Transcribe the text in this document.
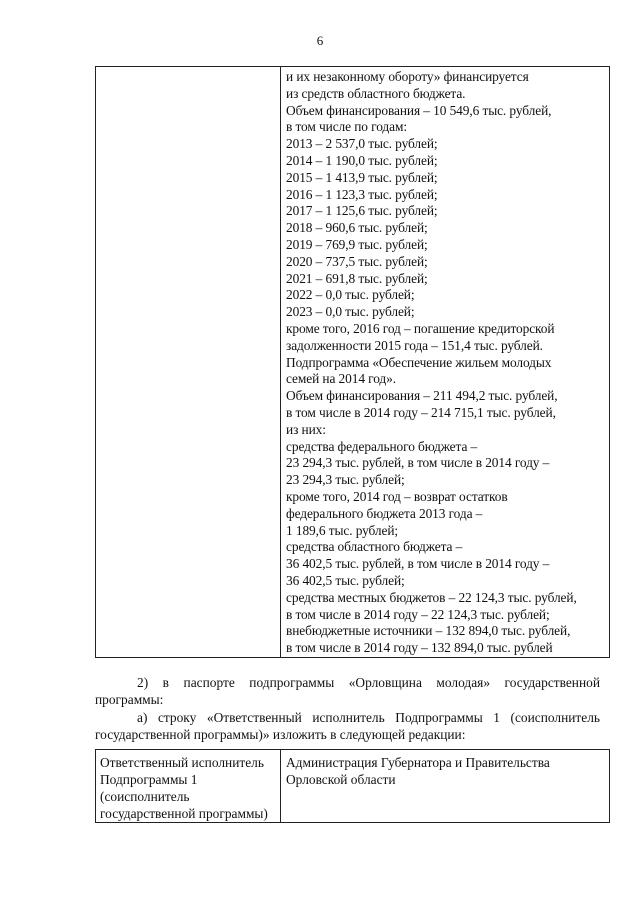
6
и их незаконному обороту» финансируется
из средств областного бюджета.
Объем финансирования – 10 549,6 тыс. рублей,
в том числе по годам:
2013 – 2 537,0 тыс. рублей;
2014 – 1 190,0 тыс. рублей;
2015 – 1 413,9 тыс. рублей;
2016 – 1 123,3 тыс. рублей;
2017 – 1 125,6 тыс. рублей;
2018 – 960,6 тыс. рублей;
2019 – 769,9 тыс. рублей;
2020 – 737,5 тыс. рублей;
2021 – 691,8 тыс. рублей;
2022 – 0,0 тыс. рублей;
2023 – 0,0 тыс. рублей;
кроме того, 2016 год – погашение кредиторской
задолженности 2015 года – 151,4 тыс. рублей.
Подпрограмма «Обеспечение жильем молодых
семей на 2014 год».
Объем финансирования – 211 494,2 тыс. рублей,
в том числе в 2014 году – 214 715,1 тыс. рублей,
из них:
средства федерального бюджета –
23 294,3 тыс. рублей, в том числе в 2014 году –
23 294,3 тыс. рублей;
кроме того, 2014 год – возврат остатков
федерального бюджета 2013 года –
1 189,6 тыс. рублей;
средства областного бюджета –
36 402,5 тыс. рублей, в том числе в 2014 году –
36 402,5 тыс. рублей;
средства местных бюджетов – 22 124,3 тыс. рублей,
в том числе в 2014 году – 22 124,3 тыс. рублей;
внебюджетные источники – 132 894,0 тыс. рублей,
в том числе в 2014 году – 132 894,0 тыс. рублей
2) в паспорте подпрограммы «Орловщина молодая» государственной
программы:
а) строку «Ответственный исполнитель Подпрограммы 1 (соисполнитель
государственной программы)» изложить в следующей редакции:
Ответственный исполнитель
Подпрограммы 1
(соисполнитель
государственной программы)
Администрация Губернатора и Правительства
Орловской области
